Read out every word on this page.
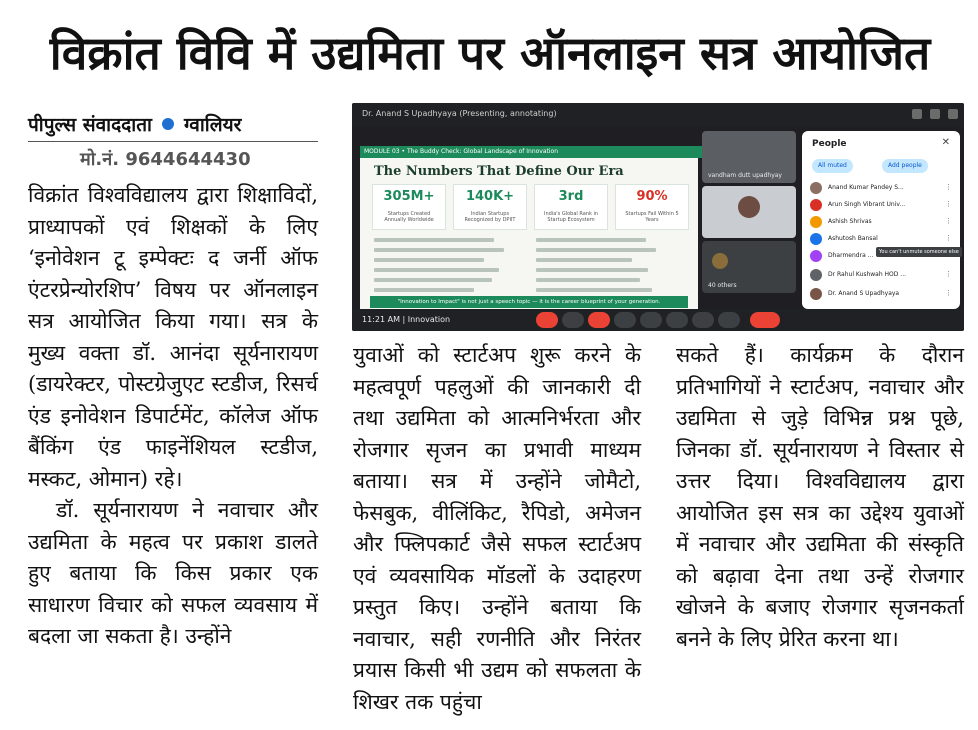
विक्रांत विवि में उद्यमिता पर ऑनलाइन सत्र आयोजित
पीपुल्स संवाददाता ग्वालियर
मो.नं. 9644644430
Dr. Anand S Upadhyaya (Presenting, annotating)
MODULE 03 • The Buddy Check: Global Landscape of Innovation
The Numbers That Define Our Era
305M+
Startups Created Annually Worldwide
140K+
Indian Startups Recognized by DPIIT
3rd
India's Global Rank in Startup Ecosystem
90%
Startups Fail Within 5 Years
"Innovation to Impact" is not just a speech topic — it is the career blueprint of your generation.
vandham dutt upadhyay
40 others
People	✕
All muted	Add people
Anand Kumar Pandey S...	⋮
Arun Singh Vibrant Univ...	⋮
Ashish Shrivas	⋮
Ashutosh Bansal	⋮
Dharmendra ...	You can't unmute someone else
Dr Rahul Kushwah HOD ...	⋮
Dr. Anand S Upadhyaya	⋮
11:21 AM | Innovation

विक्रांत विश्वविद्यालय द्वारा शिक्षाविदों, प्राध्यापकों एवं शिक्षकों के लिए ‘इनोवेशन टू इम्पेक्टः द जर्नी ऑफ एंटरप्रेन्योरशिप’ विषय पर ऑनलाइन सत्र आयोजित किया गया। सत्र के मुख्य वक्ता डॉ. आनंदा सूर्यनारायण (डायरेक्टर, पोस्टग्रेजुएट स्टडीज, रिसर्च एंड इनोवेशन डिपार्टमेंट, कॉलेज ऑफ बैंकिंग एंड फाइनेंशियल स्टडीज, मस्कट, ओमान) रहे।

डॉ. सूर्यनारायण ने नवाचार और उद्यमिता के महत्व पर प्रकाश डालते हुए बताया कि किस प्रकार एक साधारण विचार को सफल व्यवसाय में बदला जा सकता है। उन्होंने

युवाओं को स्टार्टअप शुरू करने के महत्वपूर्ण पहलुओं की जानकारी दी तथा उद्यमिता को आत्मनिर्भरता और रोजगार सृजन का प्रभावी माध्यम बताया। सत्र में उन्होंने जोमैटो, फेसबुक, वीलिंकिट, रैपिडो, अमेजन और फ्लिपकार्ट जैसे सफल स्टार्टअप एवं व्यवसायिक मॉडलों के उदाहरण प्रस्तुत किए। उन्होंने बताया कि नवाचार, सही रणनीति और निरंतर प्रयास किसी भी उद्यम को सफलता के शिखर तक पहुंचा

सकते हैं। कार्यक्रम के दौरान प्रतिभागियों ने स्टार्टअप, नवाचार और उद्यमिता से जुड़े विभिन्न प्रश्न पूछे, जिनका डॉ. सूर्यनारायण ने विस्तार से उत्तर दिया। विश्वविद्यालय द्वारा आयोजित इस सत्र का उद्देश्य युवाओं में नवाचार और उद्यमिता की संस्कृति को बढ़ावा देना तथा उन्हें रोजगार खोजने के बजाए रोजगार सृजनकर्ता बनने के लिए प्रेरित करना था।
